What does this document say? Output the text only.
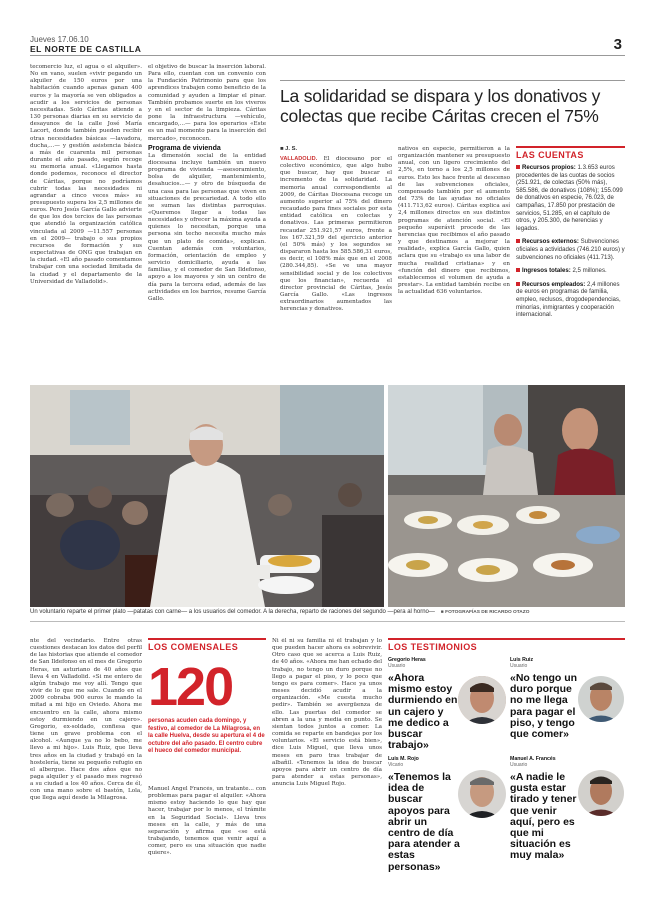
Jueves 17.06.10
EL NORTE DE CASTILLA	3

tecomercio luz, el agua o el alquiler». No en vano, suelen «vivir pegando un alquiler de 150 euros por una habitación cuando apenas ganan 400 euros y la mayoría se ven obligados a acudir a los servicios de personas necesitadas. Solo Cáritas atiende a 130 personas diarias en su servicio de desayunos de la calle José María Lacort, donde también pueden recibir otras necesidades básicas —lavadora, ducha,...— y gestión asistencia básica a más de cuarenta mil personas durante el año pasado, según recoge su memoria anual. «Llegamos hasta donde podemos, reconoce el director de Cáritas, porque no podríamos cubrir todas las necesidades ni agrandar a cinco veces más» su presupuesto supera los 2,5 millones de euros. Pero Jesús García Gallo advierte de que los dos tercios de las personas que atendió la organización católica vinculada al 2009 —11.557 personas en el 2009— trabajo o sus propios recursos de formación y sus expectativas de ONG que trabajan en la ciudad. «El año pasado comentamos trabajar con una sociedad limitada de la ciudad y el departamento de la Universidad de Valladolid».

el objetivo de buscar la inserción laboral. Para ello, cuentan con un convenio con la Fundación Patrimonio para que los aprendices trabajen como beneficio de la comunidad y ayuden a limpiar el pinar. También probamos suerte en los viveros y en el sector de la limpieza. Cáritas pone la infraestructura —vehículo, encargado,...— para los operarios «Este es un mal momento para la inserción del mercado», reconocen.

Programa de vivienda

La dimensión social de la entidad diocesana incluye también un nuevo programa de vivienda —asesoramiento, bolsa de alquiler, mantenimiento, desahucios...— y otro de búsqueda de una casa para las personas que viven en situaciones de precariedad. A todo ello se suman las distintas parroquias. «Queremos llegar a todas las necesidades y ofrecer la máxima ayuda a quienes lo necesitan, porque una persona sin techo necesita mucho más que un plato de comida», explican. Cuentan además con voluntarios, formación, orientación de empleo y servicio domiciliario, ayuda a las familias, y el comedor de San Ildefonso, apoyo a los mayores y sin un centro de día para la tercera edad, además de las actividades en los barrios, resume García Gallo.

La solidaridad se dispara y los donativos y colectas que recibe Cáritas crecen el 75%
■ J. S.

VALLADOLID. El diocesano por el colectivo económico, que algo hubo que buscar, hay que buscar el incremento de la solidaridad. La memoria anual correspondiente al 2009, de Cáritas Diocesana recoge un aumento superior al 75% del dinero recaudado para fines sociales por esta entidad católica en colectas y donativos. Las primeras permitieron recaudar 251.921,57 euros, frente a los 167.321,59 del ejercicio anterior (el 50% más) y los segundos se dispararon hasta los 585.586,31 euros, es decir, el 108% más que en el 2008 (280.344,85). «Se ve una mayor sensibilidad social y de los colectivos que los financian», recuerda el director provincial de Cáritas, Jesús García Gallo. «Las ingresos extraordinarios aumentados las herencias y donativos.

nativos en especie, permitieron a la organización mantener su presupuesto anual, con un ligero crecimiento del 2,5%, en torno a los 2,5 millones de euros. Esto les hace frente al descenso de las subvenciones oficiales, compensado también por el aumento del 73% de las ayudas no oficiales (411.713,62 euros). Cáritas explica así 2,4 millones directos en sus distintos programas de atención social. «El pequeño superávit procede de las herencias que recibimos el año pasado y que destinamos a mejorar la realidad», explica García Gallo, quien aclara que su «trabajo es una labor de mucha realidad cristiana» y en «función del dinero que recibimos, establecemos el volumen de ayuda a prestar». La entidad también recibe en la actualidad 636 voluntarios.

LAS CUENTAS
Recursos propios: 1.3.653 euros procedentes de las cuotas de socios (251.921, de colectas (50% más), 585.586, de donativos (108%); 155.099 de donativos en especie, 76.023, de campañas, 17.850 por prestación de servicios, 51.285, en el capítulo de otros, y 205.300, de herencias y legados.
Recursos externos: Subvenciones oficiales a actividades (746.210 euros) y subvenciones no oficiales (411.713).
Ingresos totales: 2,5 millones.
Recursos empleados: 2,4 millones de euros en programas de familia, empleo, reclusos, drogodependencias, minorías, inmigrantes y cooperación internacional.
Un voluntario reparte el primer plato —patatas con carne— a los usuarios del comedor. A la derecha, reparto de raciones del segundo —pera al horno— ■ FOTOGRAFÍAS DE RICARDO OTAZO

nte del vecindario. Entre otras cuestiones destacan los datos del perfil de las historias que atiende el comedor de San Ildefonso en el mes de Gregorio Heras, un asturiano de 40 años que lleva 4 en Valladolid. «Si me entero de algún trabajo me voy allí. Tengo que vivir de lo que me sale. Cuando en el 2009 cobraba 900 euros le mando la mitad a mi hijo en Oviedo. Ahora me encuentro en la calle, ahora mismo estoy durmiendo en un cajero». Gregorio, ex-soldado, confiesa que tiene un grave problema con el alcohol. «Aunque ya no lo bebo, me llevo a mi hijo». Luis Ruiz, que lleva tres años en la ciudad y trabajó en la hostelería, tiene su pequeño refugio en el albergue. Hace dos años que no paga alquiler y el pasado mes regresó a su ciudad a los 40 años. Cerca de él, con una mano sobre el bastón, Lola, que llega aquí desde la Milagrosa.

LOS COMENSALES
120
personas acuden cada domingo, y festivo, al comedor de La Milagrosa, en la calle Huelva, desde su apertura el 4 de octubre del año pasado. El centro cubre el hueco del comedor municipal.

Manuel Ángel Francés, un tratante... con problemas para pagar el alquiler. «Ahora mismo estoy haciendo lo que hay que hacer, trabajar por lo menos, el trámite en la Seguridad Social». Lleva tres meses en la calle, y más de una separación y afirma que «se está trabajando, tenemos que venir aquí a comer, pero es una situación que nadie quiere».

Ni él ni su familia ni él trabajan y lo que pueden hacer ahora es sobrevivir. Otro caso que se acerca a Luis Ruiz, de 40 años. «Ahora me han echado del trabajo, no tengo un duro porque no llego a pagar el piso, y lo poco que tengo es para comer». Hace ya unos meses decidió acudir a la organización. «Me cuesta mucho pedir». También se avergüenza de ello. Las puertas del comedor se abren a la una y media en punto. Se sientan todos juntos a comer. La comida se reparte en bandejas por los voluntarios. «El servicio está bien», dice Luis Miguel, que lleva unos meses en paro tras trabajar de albañil. «Tenemos la idea de buscar apoyos para abrir un centro de día para atender a estas personas», anuncia Luis Miguel Rojo.

LOS TESTIMONIOS
Gregorio Heras
Usuario
«Ahora mismo estoy durmiendo en un cajero y me dedico a buscar trabajo»
Luis Ruiz
Usuario
«No tengo un duro porque no me llega para pagar el piso, y tengo que comer»
Luis M. Rojo
Vicario
«Tenemos la idea de buscar apoyos para abrir un centro de día para atender a estas personas»
Manuel A. Francés
Usuario
«A nadie le gusta estar tirado y tener que venir aquí, pero es que mi situación es muy mala»
